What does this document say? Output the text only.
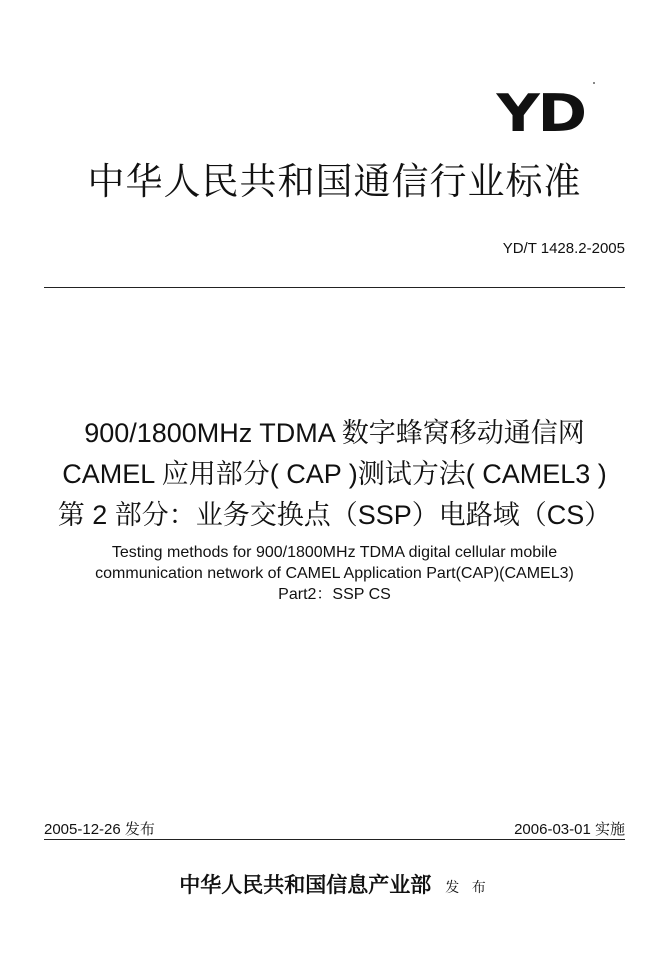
YD
中华人民共和国通信行业标准
YD/T 1428.2-2005
900/1800MHz TDMA 数字蜂窝移动通信网
CAMEL 应用部分( CAP )测试方法( CAMEL3 )
第 2 部分：业务交换点（SSP）电路域（CS）
Testing methods for 900/1800MHz TDMA digital cellular mobile
communication network of CAMEL Application Part(CAP)(CAMEL3)
Part2：SSP CS
2005-12-26 发布	2006-03-01 实施
中华人民共和国信息产业部 发 布
